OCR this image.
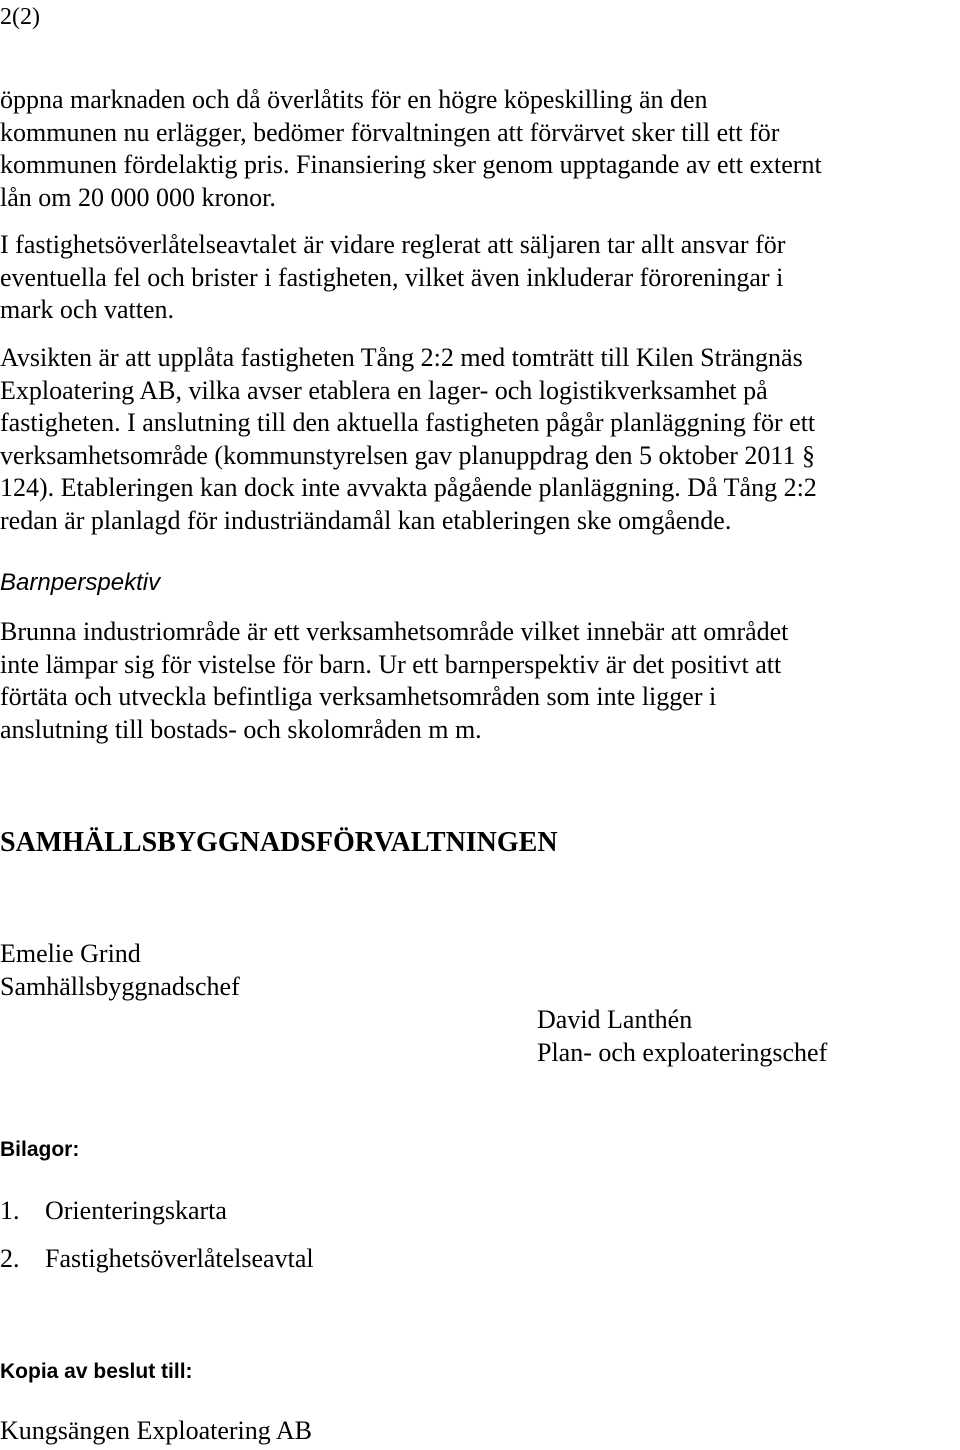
2(2)

öppna marknaden och då överlåtits för en högre köpeskilling än den
kommunen nu erlägger, bedömer förvaltningen att förvärvet sker till ett för
kommunen fördelaktig pris. Finansiering sker genom upptagande av ett externt
lån om 20 000 000 kronor.

I fastighetsöverlåtelseavtalet är vidare reglerat att säljaren tar allt ansvar för
eventuella fel och brister i fastigheten, vilket även inkluderar föroreningar i
mark och vatten.

Avsikten är att upplåta fastigheten Tång 2:2 med tomträtt till Kilen Strängnäs
Exploatering AB, vilka avser etablera en lager- och logistikverksamhet på
fastigheten. I anslutning till den aktuella fastigheten pågår planläggning för ett
verksamhetsområde (kommunstyrelsen gav planuppdrag den 5 oktober 2011 §
124). Etableringen kan dock inte avvakta pågående planläggning. Då Tång 2:2
redan är planlagd för industriändamål kan etableringen ske omgående.

Barnperspektiv

Brunna industriområde är ett verksamhetsområde vilket innebär att området
inte lämpar sig för vistelse för barn. Ur ett barnperspektiv är det positivt att
förtäta och utveckla befintliga verksamhetsområden som inte ligger i
anslutning till bostads- och skolområden m m.

SAMHÄLLSBYGGNADSFÖRVALTNINGEN
Emelie Grind
Samhällsbyggnadschef
David Lanthén
Plan- och exploateringschef
Bilagor:
1. Orienteringskarta
2. Fastighetsöverlåtelseavtal
Kopia av beslut till:

Kungsängen Exploatering AB
